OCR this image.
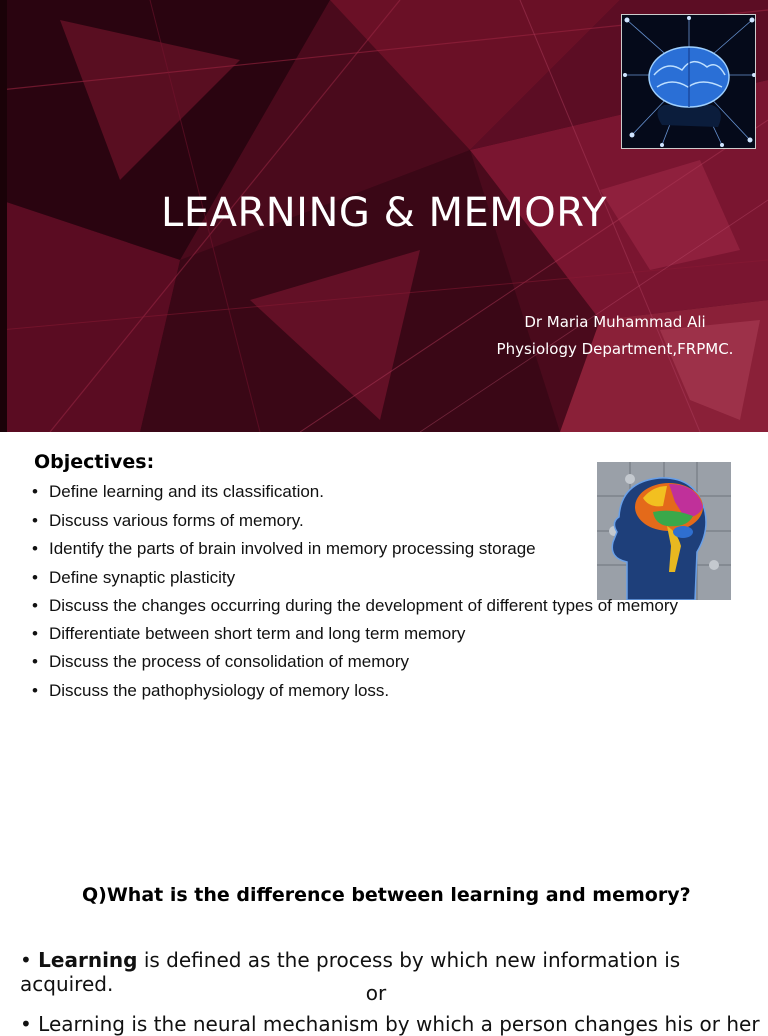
LEARNING & MEMORY
Dr Maria Muhammad Ali
Physiology Department,FRPMC.
Objectives:
• Define learning and its classification.
• Discuss various forms of memory.
• Identify the parts of brain involved in memory processing storage
• Define synaptic plasticity
• Discuss the changes occurring during the development of different types of memory
• Differentiate between short term and long term memory
• Discuss the process of consolidation of memory
• Discuss the pathophysiology of memory loss.
Q)What is the difference between learning and memory?
• Learning is defined as the process by which new information is acquired.	or
• Learning is the neural mechanism by which a person changes his or her
